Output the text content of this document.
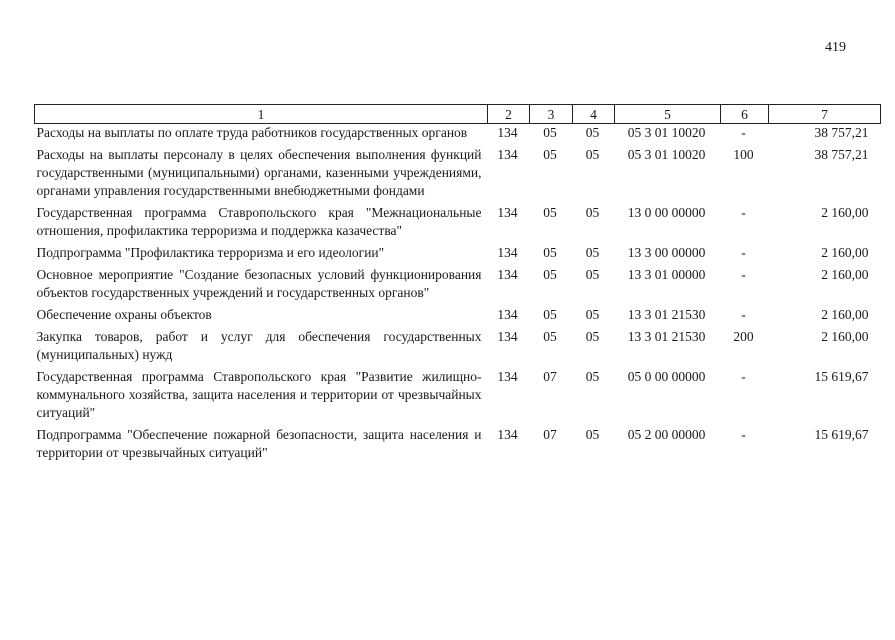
419
1	2	3	4	5	6	7
Расходы на выплаты по оплате труда работников государственных органов	134	05	05	05 3 01 10020	-	38 757,21
Расходы на выплаты персоналу в целях обеспечения выполнения функций государственными (муниципальными) органами, казенными учреждениями, органами управления государственными внебюджетными фондами	134	05	05	05 3 01 10020	100	38 757,21
Государственная программа Ставропольского края "Межнациональные отношения, профилактика терроризма и поддержка казачества"	134	05	05	13 0 00 00000	-	2 160,00
Подпрограмма "Профилактика терроризма и его идеологии"	134	05	05	13 3 00 00000	-	2 160,00
Основное мероприятие "Создание безопасных условий функционирования объектов государственных учреждений и государственных органов"	134	05	05	13 3 01 00000	-	2 160,00
Обеспечение охраны объектов	134	05	05	13 3 01 21530	-	2 160,00
Закупка товаров, работ и услуг для обеспечения государственных (муниципальных) нужд	134	05	05	13 3 01 21530	200	2 160,00
Государственная программа Ставропольского края "Развитие жилищно-коммунального хозяйства, защита населения и территории от чрезвычайных ситуаций"	134	07	05	05 0 00 00000	-	15 619,67
Подпрограмма "Обеспечение пожарной безопасности, защита населения и территории от чрезвычайных ситуаций"	134	07	05	05 2 00 00000	-	15 619,67
